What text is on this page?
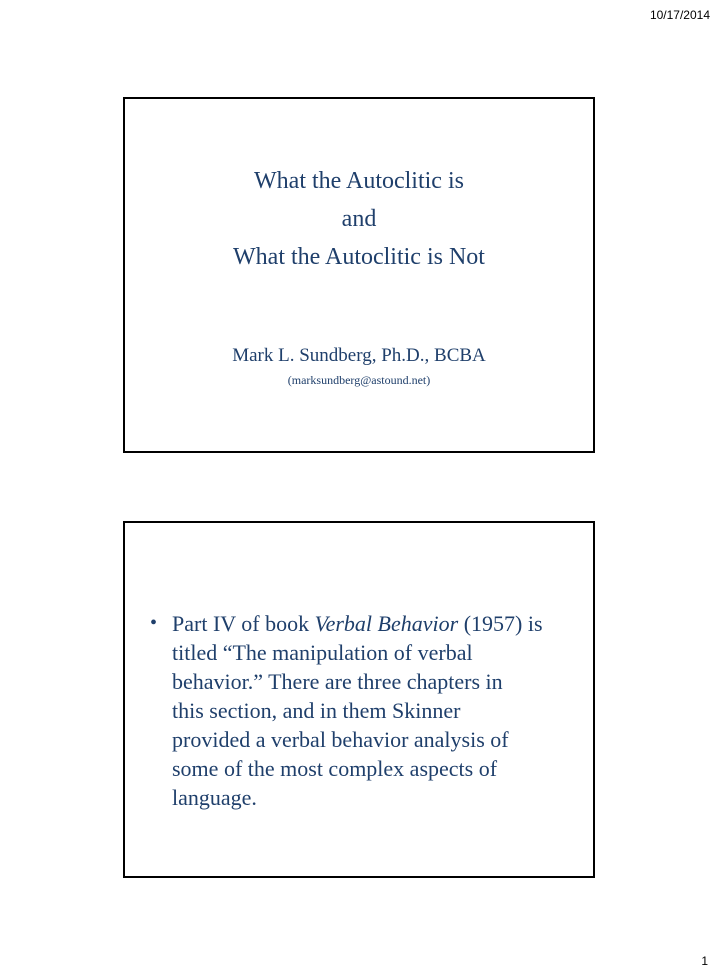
10/17/2014
What the Autoclitic is
and
What the Autoclitic is Not
Mark L. Sundberg, Ph.D., BCBA
(marksundberg@astound.net)
• Part IV of book Verbal Behavior (1957) is
titled “The manipulation of verbal
behavior.” There are three chapters in
this section, and in them Skinner
provided a verbal behavior analysis of
some of the most complex aspects of
language.
1
